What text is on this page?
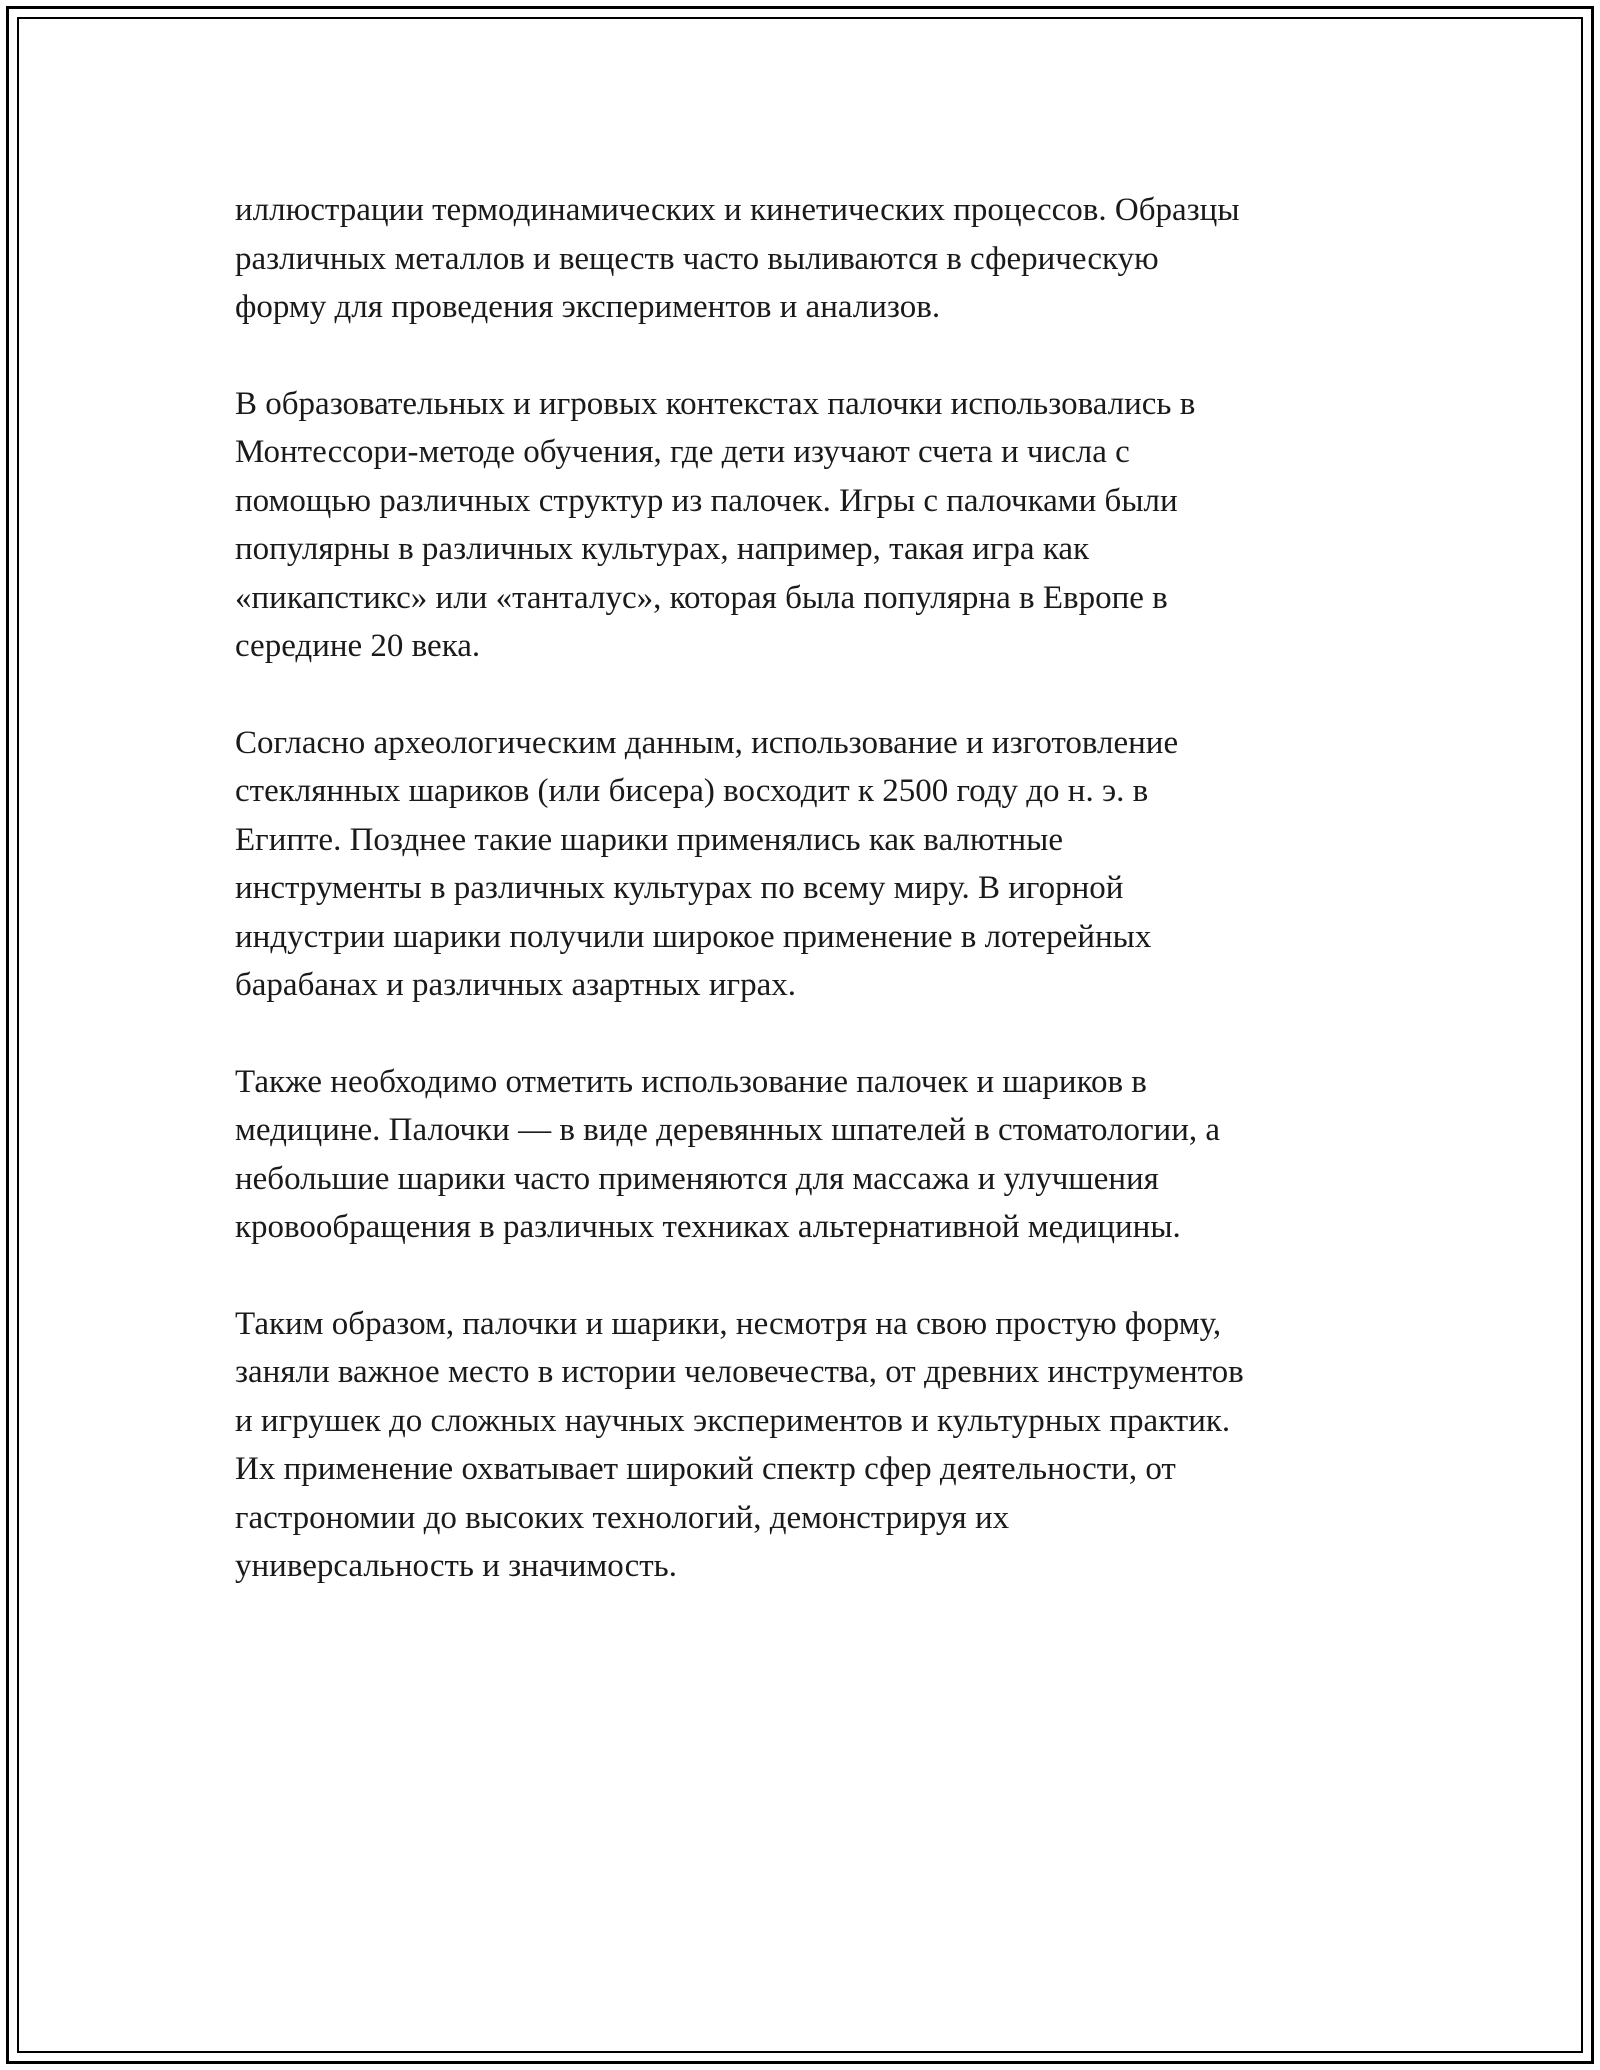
иллюстрации термодинамических и кинетических процессов. Образцы
различных металлов и веществ часто выливаются в сферическую
форму для проведения экспериментов и анализов.

В образовательных и игровых контекстах палочки использовались в
Монтессори-методе обучения, где дети изучают счета и числа с
помощью различных структур из палочек. Игры с палочками были
популярны в различных культурах, например, такая игра как
«пикапстикс» или «танталус», которая была популярна в Европе в
середине 20 века.

Согласно археологическим данным, использование и изготовление
стеклянных шариков (или бисера) восходит к 2500 году до н. э. в
Египте. Позднее такие шарики применялись как валютные
инструменты в различных культурах по всему миру. В игорной
индустрии шарики получили широкое применение в лотерейных
барабанах и различных азартных играх.

Также необходимо отметить использование палочек и шариков в
медицине. Палочки — в виде деревянных шпателей в стоматологии, а
небольшие шарики часто применяются для массажа и улучшения
кровообращения в различных техниках альтернативной медицины.

Таким образом, палочки и шарики, несмотря на свою простую форму,
заняли важное место в истории человечества, от древних инструментов
и игрушек до сложных научных экспериментов и культурных практик.
Их применение охватывает широкий спектр сфер деятельности, от
гастрономии до высоких технологий, демонстрируя их
универсальность и значимость.
